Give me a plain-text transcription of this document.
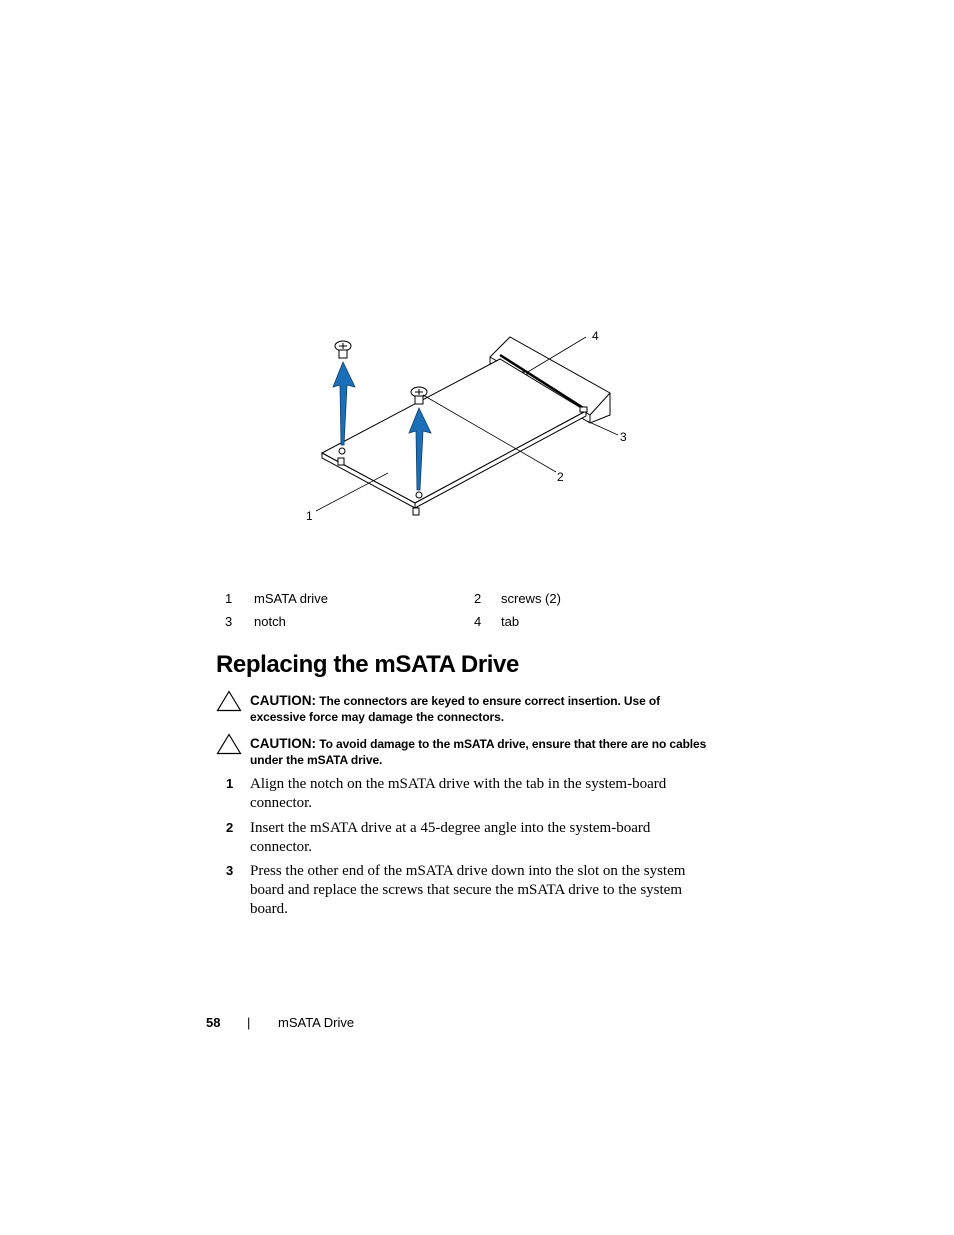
1
2
3
4
1 mSATA drive	2 screws (2)
3 notch	4 tab
Replacing the mSATA Drive
CAUTION: The connectors are keyed to ensure correct insertion. Use of
excessive force may damage the connectors.
CAUTION: To avoid damage to the mSATA drive, ensure that there are no cables
under the mSATA drive.
1 Align the notch on the mSATA drive with the tab in the system-board connector.
2 Insert the mSATA drive at a 45-degree angle into the system-board connector.
3 Press the other end of the mSATA drive down into the slot on the system board and replace the screws that secure the mSATA drive to the system board.
58 | mSATA Drive
